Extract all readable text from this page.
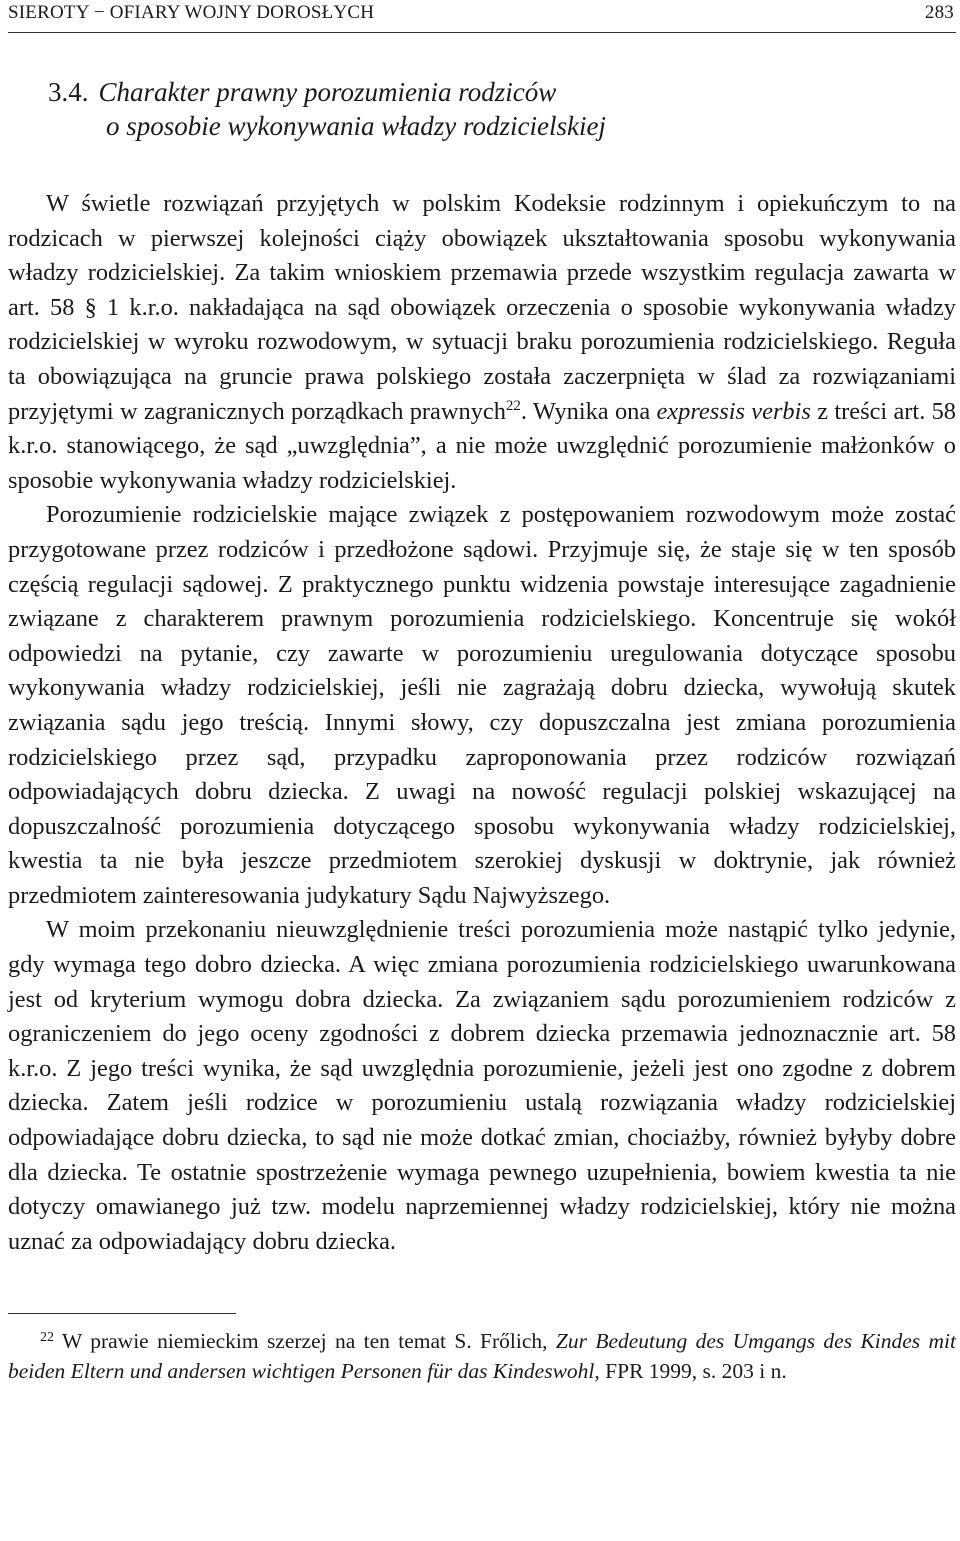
SIEROTY − OFIARY WOJNY DOROSŁYCH	283
3.4. Charakter prawny porozumienia rodziców
o sposobie wykonywania władzy rodzicielskiej

W świetle rozwiązań przyjętych w polskim Kodeksie rodzinnym i opiekuńczym to na rodzicach w pierwszej kolejności ciąży obowiązek ukształtowania sposobu wykonywania władzy rodzicielskiej. Za takim wnioskiem przemawia przede wszystkim regulacja zawarta w art. 58 § 1 k.r.o. nakładająca na sąd obowiązek orzeczenia o sposobie wykonywania władzy rodzicielskiej w wyroku rozwodowym, w sytuacji braku porozumienia rodzicielskiego. Reguła ta obowiązująca na gruncie prawa polskiego została zaczerpnięta w ślad za rozwiązaniami przyjętymi w zagranicznych porządkach prawnych$^{22}$. Wynika ona expressis verbis z treści art. 58 k.r.o. stanowiącego, że sąd „uwzględnia”, a nie może uwzględnić porozumienie małżonków o sposobie wykonywania władzy rodzicielskiej.

Porozumienie rodzicielskie mające związek z postępowaniem rozwodowym może zostać przygotowane przez rodziców i przedłożone sądowi. Przyjmuje się, że staje się w ten sposób częścią regulacji sądowej. Z praktycznego punktu widzenia powstaje interesujące zagadnienie związane z charakterem prawnym porozumienia rodzicielskiego. Koncentruje się wokół odpowiedzi na pytanie, czy zawarte w porozumieniu uregulowania dotyczące sposobu wykonywania władzy rodzicielskiej, jeśli nie zagrażają dobru dziecka, wywołują skutek związania sądu jego treścią. Innymi słowy, czy dopuszczalna jest zmiana porozumienia rodzicielskiego przez sąd, przypadku zaproponowania przez rodziców rozwiązań odpowiadających dobru dziecka. Z uwagi na nowość regulacji polskiej wskazującej na dopuszczalność porozumienia dotyczącego sposobu wykonywania władzy rodzicielskiej, kwestia ta nie była jeszcze przedmiotem szerokiej dyskusji w doktrynie, jak również przedmiotem zainteresowania judykatury Sądu Najwyższego.

W moim przekonaniu nieuwzględnienie treści porozumienia może nastąpić tylko jedynie, gdy wymaga tego dobro dziecka. A więc zmiana porozumienia rodzicielskiego uwarunkowana jest od kryterium wymogu dobra dziecka. Za związaniem sądu porozumieniem rodziców z ograniczeniem do jego oceny zgodności z dobrem dziecka przemawia jednoznacznie art. 58 k.r.o. Z jego treści wynika, że sąd uwzględnia porozumienie, jeżeli jest ono zgodne z dobrem dziecka. Zatem jeśli rodzice w porozumieniu ustalą rozwiązania władzy rodzicielskiej odpowiadające dobru dziecka, to sąd nie może dotkać zmian, chociażby, również byłyby dobre dla dziecka. Te ostatnie spostrzeżenie wymaga pewnego uzupełnienia, bowiem kwestia ta nie dotyczy omawianego już tzw. modelu naprzemiennej władzy rodzicielskiej, który nie można uznać za odpowiadający dobru dziecka.

$^{22}$ W prawie niemieckim szerzej na ten temat S. Frőlich, Zur Bedeutung des Umgangs des Kindes mit beiden Eltern und andersen wichtigen Personen für das Kindeswohl, FPR 1999, s. 203 i n.
